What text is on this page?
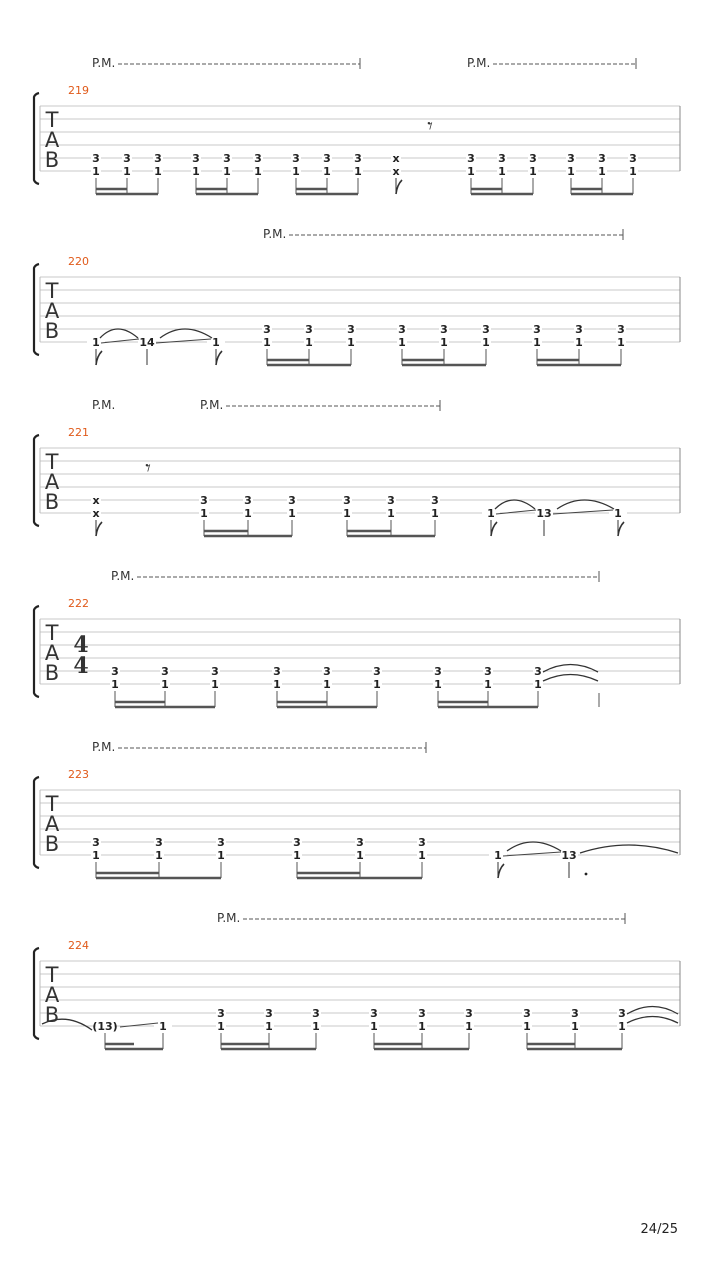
T
A
B
219
P.M.	P.M.
𝄾
3
1
3
1
3
1
3
1
3
1
3
1
3
1
3
1
3
1
x
x
3
1
3
1
3
1
3
1
3
1
3
1
T
A
B
220
P.M.
1	14	1
3
1
3
1
3
1
3
1
3
1
3
1
3
1
3
1
3
1
T
A
B
221
P.M.	P.M.
𝄾
x
x
3
1
3
1
3
1
3
1
3
1
3
1	1	13	1
T
A
B
222
4
4
P.M.
3
1
3
1
3
1
3
1
3
1
3
1
3
1
3
1
3
1
T
A
B
223
P.M.
3
1
3
1
3
1
3
1
3
1
3
1	1	13
T
A
B
224
P.M.
(13)	1
3
1
3
1
3
1
3
1
3
1
3
1
3
1
3
1
3
1
24/25
